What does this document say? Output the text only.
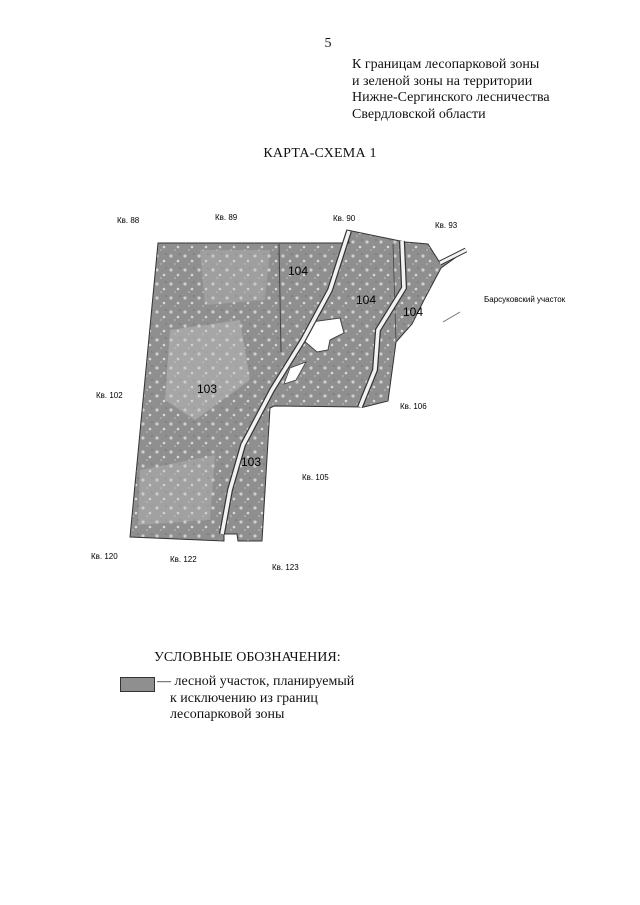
5
К границам лесопарковой зоны
и зеленой зоны на территории
Нижне-Сергинского лесничества
Свердловской области
КАРТА-СХЕМА 1
Кв. 88	Кв. 89	Кв. 90
Кв. 93
Кв. 102
Кв. 105
Кв. 106
Кв. 120	Кв. 122
Кв. 123
Барсуковский участок
104
104
104
103
103
УСЛОВНЫЕ ОБОЗНАЧЕНИЯ:
— лесной участок, планируемый
к исключению из границ
лесопарковой зоны
